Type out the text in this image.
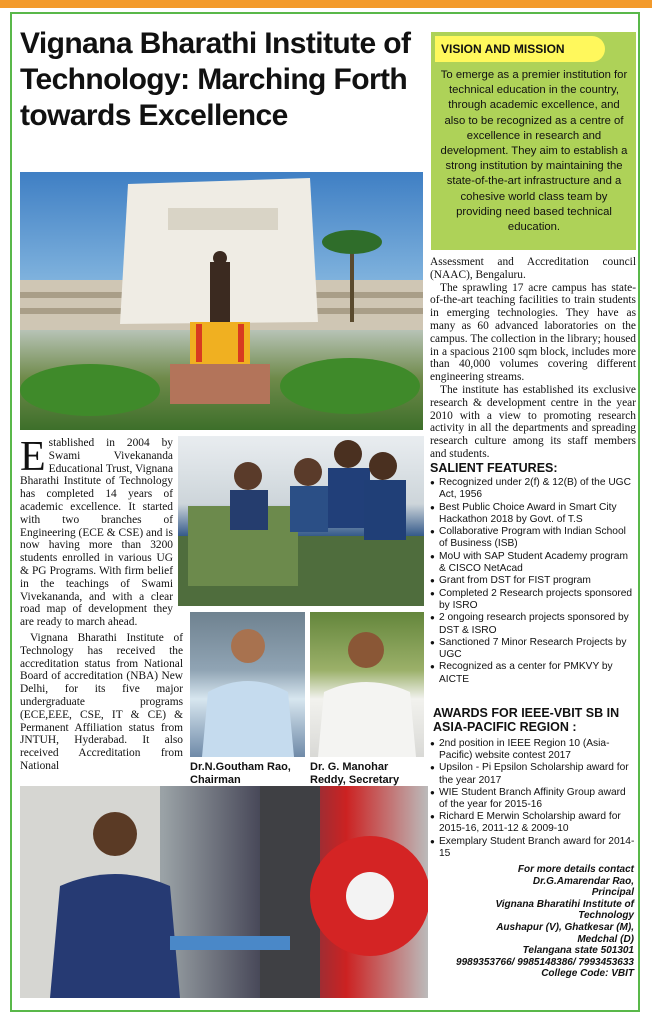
Vignana Bharathi Institute of Technology: Marching Forth towards Excellence
VISION AND MISSION

To emerge as a premier institution for technical education in the country, through academic excellence, and also to be recognized as a centre of excellence in research and development. They aim to establish a strong institution by maintaining the state-of-the-art infrastructure and a cohesive world class team by providing need based technical education.

E stablished in 2004 by Swami Vivekananda Educational Trust, Vignana Bharathi Institute of Technology has completed 14 years of academic excellence. It started with two branches of Engineering (ECE & CSE) and is now having more than 3200 students enrolled in various UG & PG Programs. With firm belief in the teachings of Swami Vivekananda, and with a clear road map of development they are ready to march ahead.

Vignana Bharathi Institute of Technology has received the accreditation status from National Board of accreditation (NBA) New Delhi, for its five major undergraduate programs (ECE,EEE, CSE, IT & CE) & Permanent Affiliation status from JNTUH, Hyderabad. It also received Accreditation from National	Dr.N.Goutham Rao, Chairman

Dr. G. Manohar Reddy, Secretary

Assessment and Accreditation council (NAAC), Bengaluru.

The sprawling 17 acre campus has state-of-the-art teaching facilities to train students in emerging technologies. They have as many as 60 advanced laboratories on the campus. The collection in the library; housed in a spacious 2100 sqm block, includes more than 40,000 volumes covering different engineering streams.

The institute has established its exclusive research & development centre in the year 2010 with a view to promoting research activity in all the departments and spreading research culture among its staff members and students.

SALIENT FEATURES:
● Recognized under 2(f) & 12(B) of the UGC Act, 1956
● Best Public Choice Award in Smart City Hackathon 2018 by Govt. of T.S
● Collaborative Program with Indian School of Business (ISB)
● MoU with SAP Student Academy program & CISCO NetAcad
● Grant from DST for FIST program
● Completed 2 Research projects sponsored by ISRO
● 2 ongoing research projects sponsored by DST & ISRO
● Sanctioned 7 Minor Research Projects by UGC
● Recognized as a center for PMKVY by AICTE
AWARDS FOR IEEE-VBIT SB IN ASIA-PACIFIC REGION :
● 2nd position in IEEE Region 10 (Asia-Pacific) website contest 2017
● Upsilon - Pi Epsilon Scholarship award for the year 2017
● WIE Student Branch Affinity Group award of the year for 2015-16
● Richard E Merwin Scholarship award for 2015-16, 2011-12 & 2009-10
● Exemplary Student Branch award for 2014-15
For more details contact
Dr.G.Amarendar Rao,
Principal
Vignana Bharatihi Institute of
Technology
Aushapur (V), Ghatkesar (M),
Medchal (D)
Telangana state 501301
9989353766/ 9985148386/ 7993453633
College Code: VBIT
